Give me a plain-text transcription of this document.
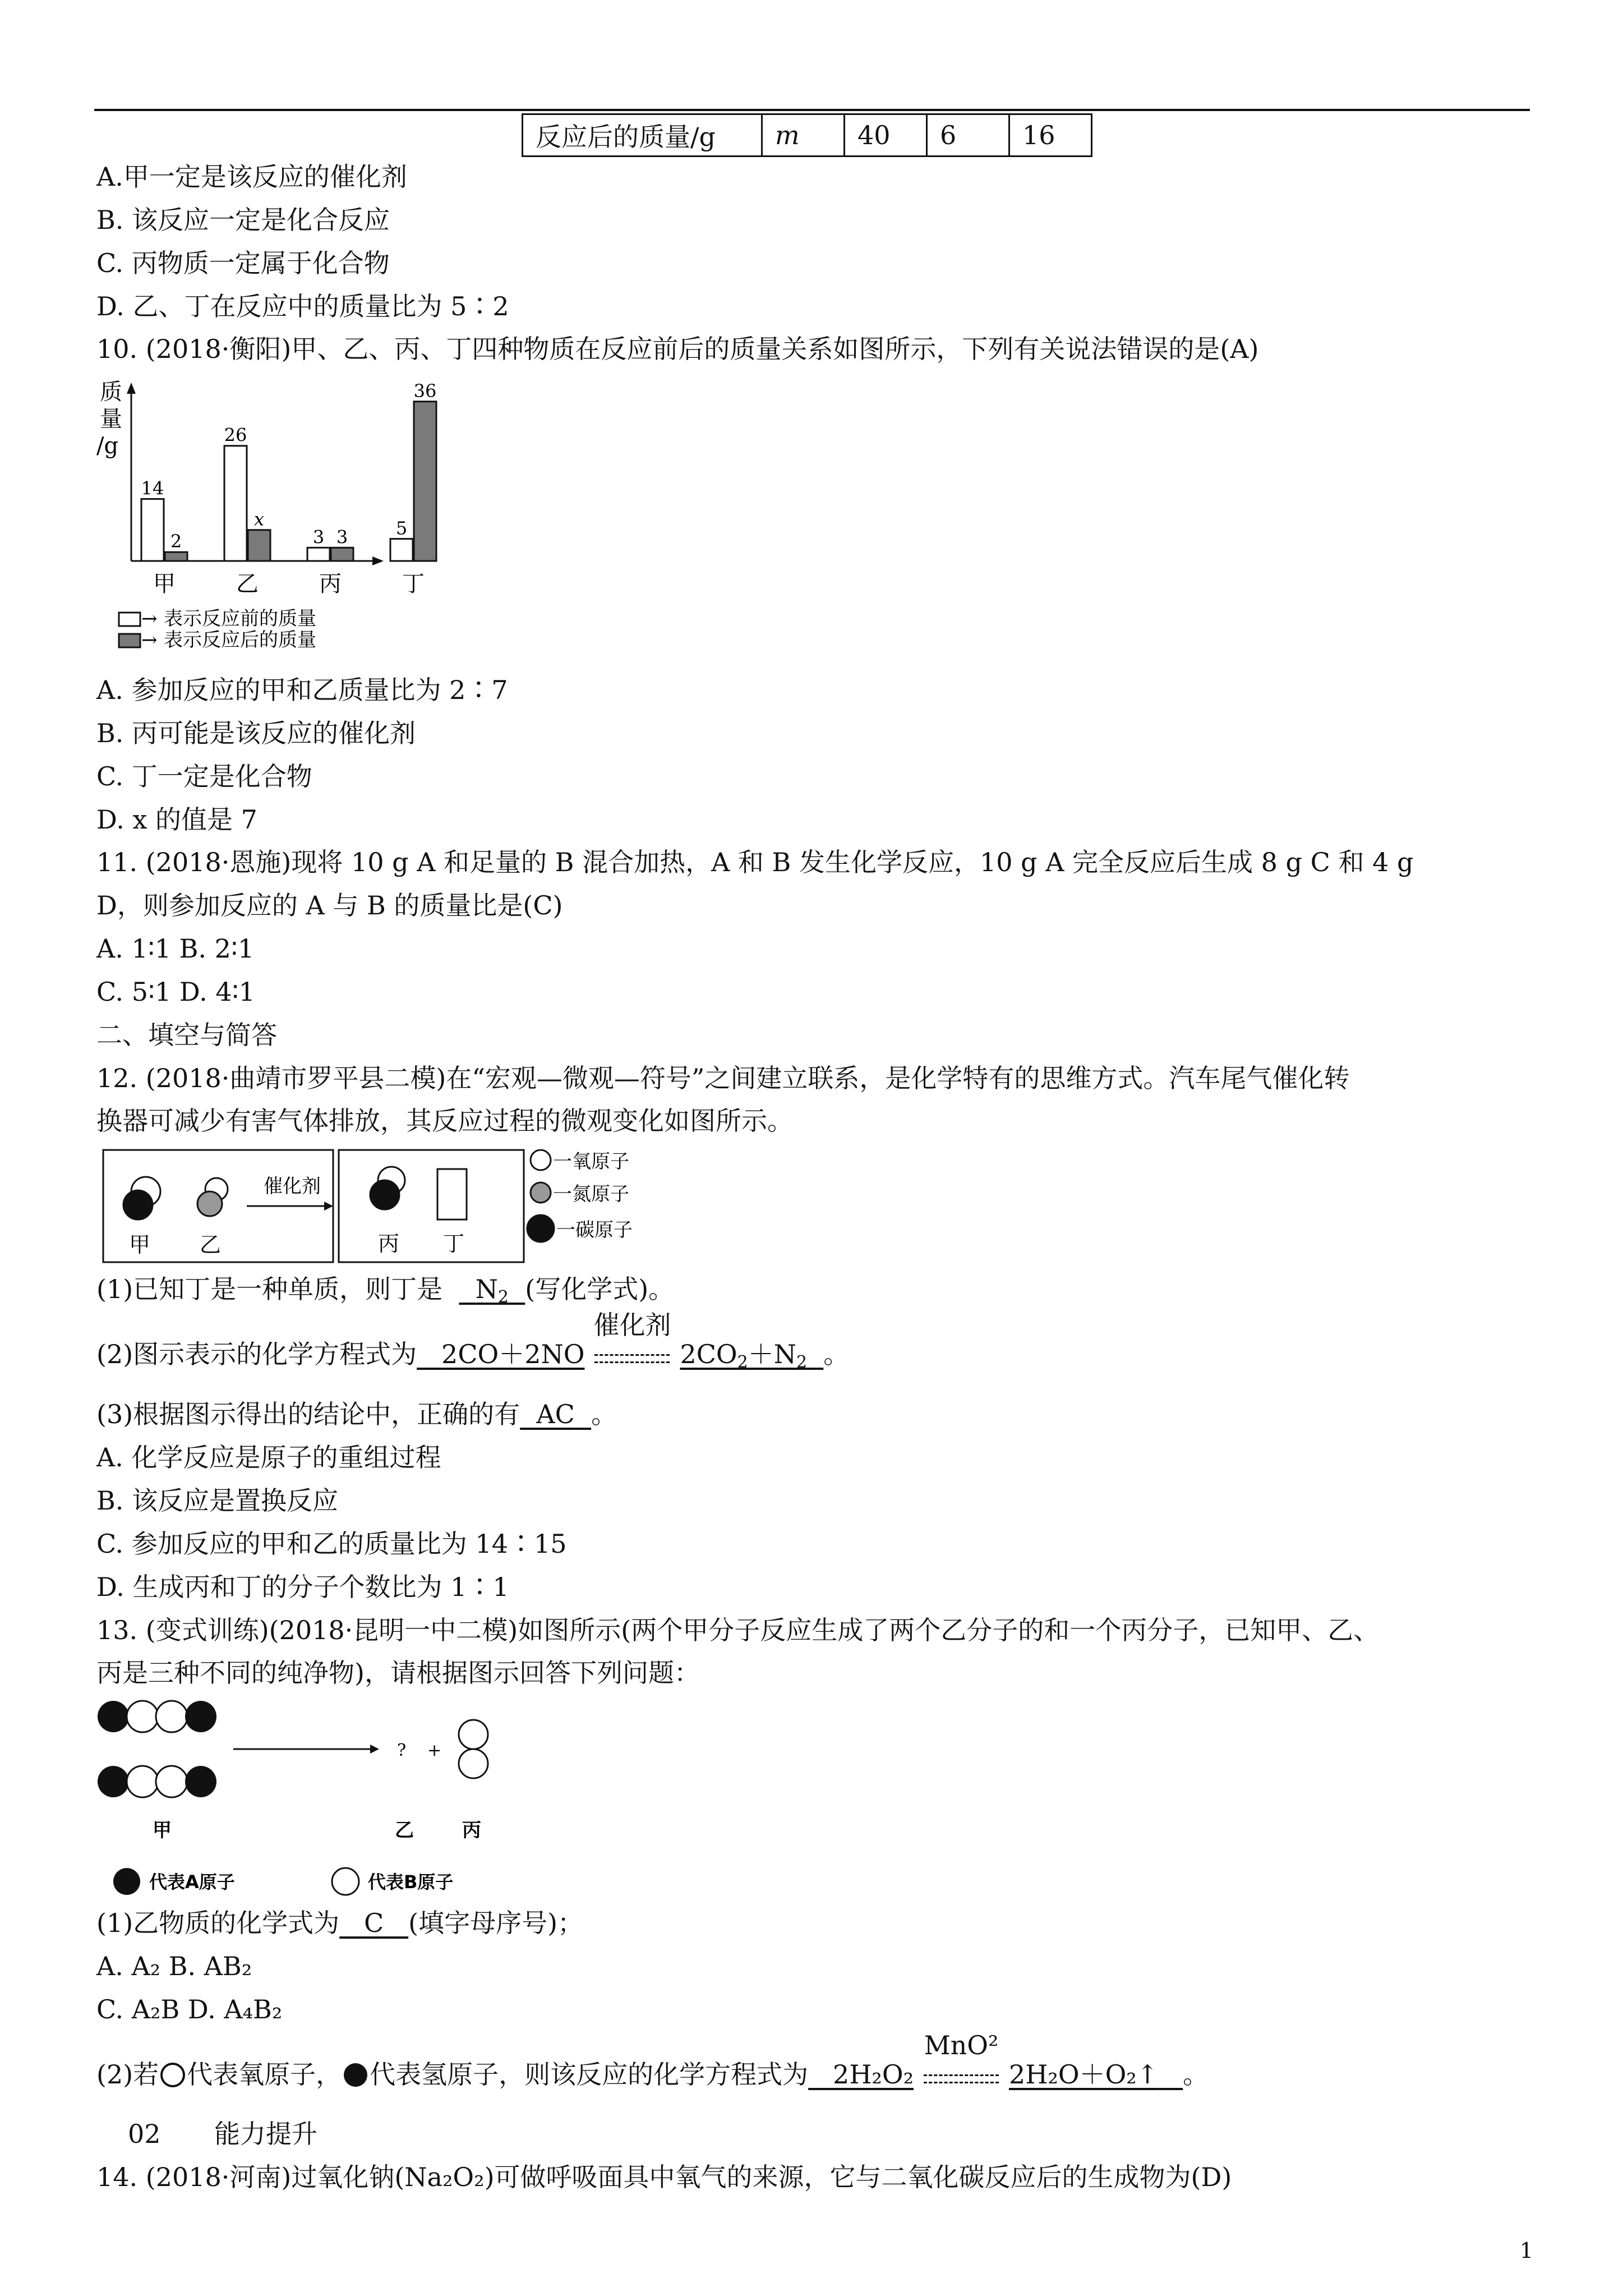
反应后的质量/g	m	40	6	16
A.甲一定是该反应的催化剂
B. 该反应一定是化合反应
C. 丙物质一定属于化合物
D. 乙、丁在反应中的质量比为 5∶2
10. (2018·衡阳)甲、乙、丙、丁四种物质在反应前后的质量关系如图所示，下列有关说法错误的是(A)
质
量
/g
14
2
26
x
3 3	5
36
甲	乙	丙	丁
→ 表示反应前的质量
→ 表示反应后的质量
A. 参加反应的甲和乙质量比为 2∶7
B. 丙可能是该反应的催化剂
C. 丁一定是化合物
D. x 的值是 7
11. (2018·恩施)现将 10 g A 和足量的 B 混合加热，A 和 B 发生化学反应，10 g A 完全反应后生成 8 g C 和 4 g
D，则参加反应的 A 与 B 的质量比是(C)
A. 1∶1 B. 2∶1
C. 5∶1 D. 4∶1
二、填空与简答
12. (2018·曲靖市罗平县二模)在“宏观—微观—符号”之间建立联系，是化学特有的思维方式。汽车尾气催化转
换器可减少有害气体排放，其反应过程的微观变化如图所示。
甲 乙
催化剂
丙 丁
一氧原子
一氮原子
一碳原子
(1)已知丁是一种单质，则丁是 $N_2$ (写化学式)。
(2)图示表示的化学方程式为 2CO＋2NO
催化剂
$2CO_2+N_2$ 。
(3)根据图示得出的结论中，正确的有 AC 。
A. 化学反应是原子的重组过程
B. 该反应是置换反应
C. 参加反应的甲和乙的质量比为 14∶15
D. 生成丙和丁的分子个数比为 1∶1
13. (变式训练)(2018·昆明一中二模)如图所示(两个甲分子反应生成了两个乙分子的和一个丙分子，已知甲、乙、
丙是三种不同的纯净物)，请根据图示回答下列问题：
? +
甲	乙	丙
代表A原子	代表B原子
(1)乙物质的化学式为 C (填字母序号)；
A. A₂ B. AB₂
C. A₂B D. A₄B₂
(2)若 代表氧原子， 代表氢原子，则该反应的化学方程式为 2H₂O₂
MnO²
2H₂O＋O₂↑ 。
02 能力提升
14. (2018·河南)过氧化钠(Na₂O₂)可做呼吸面具中氧气的来源，它与二氧化碳反应后的生成物为(D)
1
